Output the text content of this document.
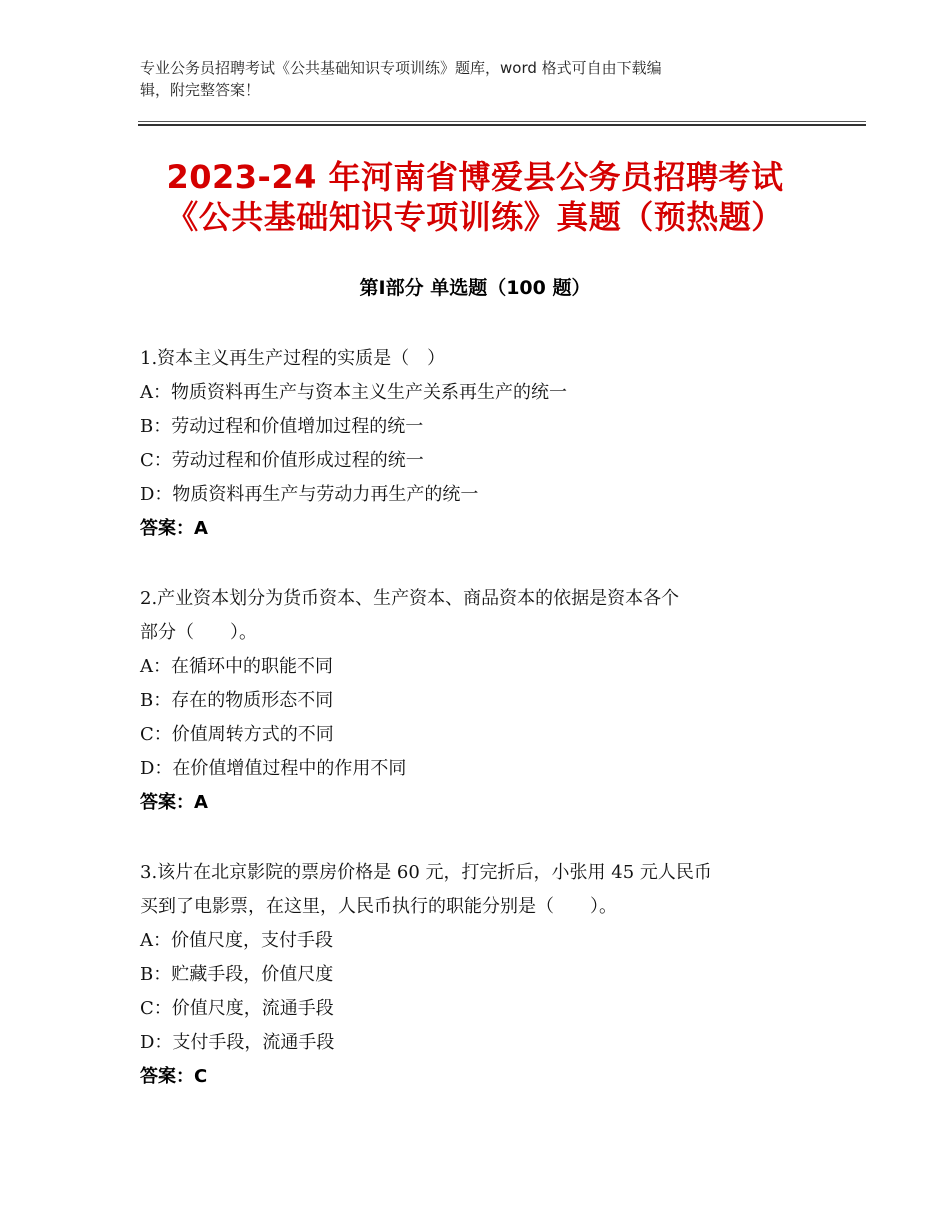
专业公务员招聘考试《公共基础知识专项训练》题库，word 格式可自由下载编
辑，附完整答案！
2023-24 年河南省博爱县公务员招聘考试
《公共基础知识专项训练》真题（预热题）
第Ⅰ部分 单选题（100 题）
1.资本主义再生产过程的实质是（　）
A：物质资料再生产与资本主义生产关系再生产的统一
B：劳动过程和价值增加过程的统一
C：劳动过程和价值形成过程的统一
D：物质资料再生产与劳动力再生产的统一
答案：A
2.产业资本划分为货币资本、生产资本、商品资本的依据是资本各个
部分（　　）。
A：在循环中的职能不同
B：存在的物质形态不同
C：价值周转方式的不同
D：在价值增值过程中的作用不同
答案：A
3.该片在北京影院的票房价格是 60 元，打完折后，小张用 45 元人民币
买到了电影票，在这里，人民币执行的职能分别是（　　）。
A：价值尺度，支付手段
B：贮藏手段，价值尺度
C：价值尺度，流通手段
D：支付手段，流通手段
答案：C
